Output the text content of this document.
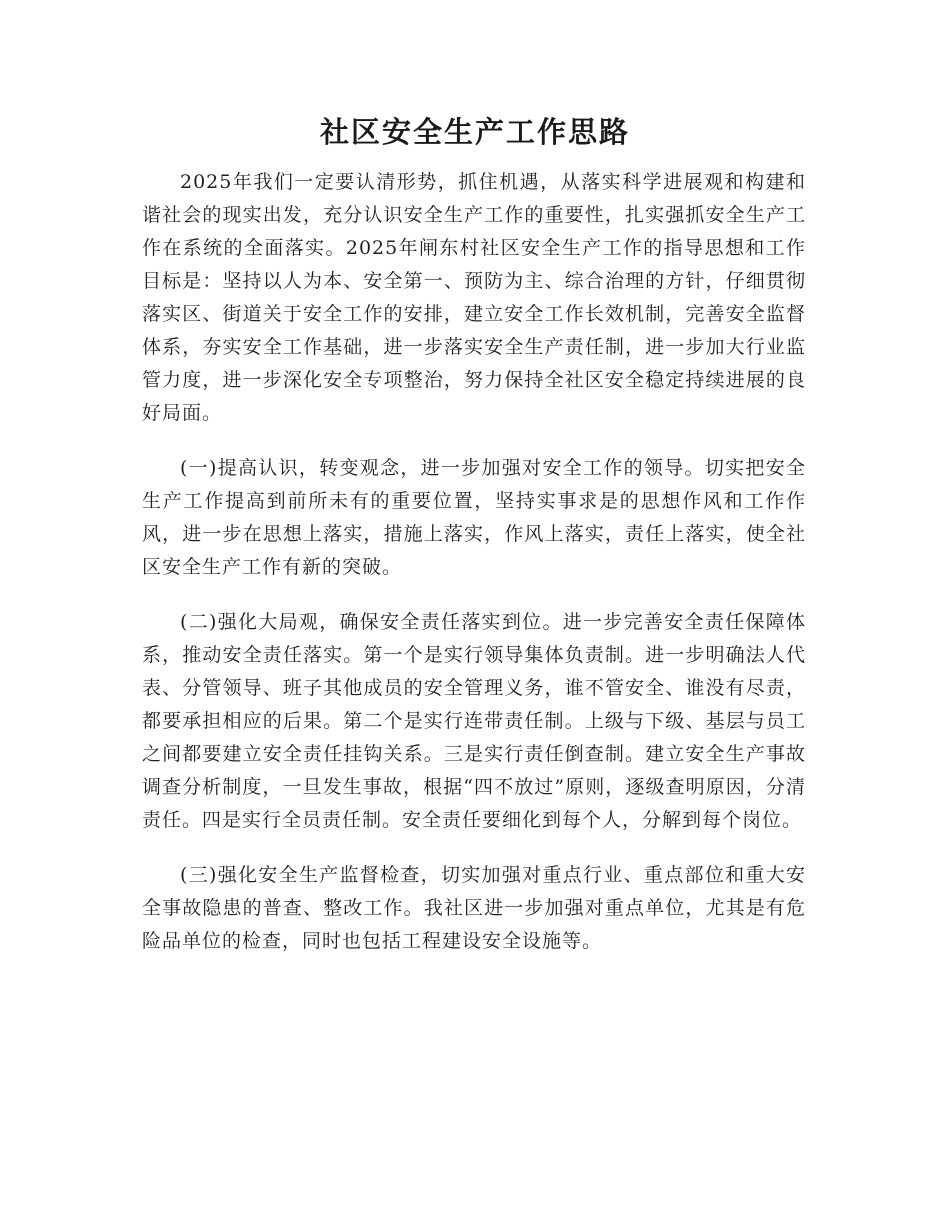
社区安全生产工作思路

2025年我们一定要认清形势，抓住机遇，从落实科学进展观和构建和谐社会的现实出发，充分认识安全生产工作的重要性，扎实强抓安全生产工作在系统的全面落实。2025年闸东村社区安全生产工作的指导思想和工作目标是：坚持以人为本、安全第一、预防为主、综合治理的方针，仔细贯彻落实区、街道关于安全工作的安排，建立安全工作长效机制，完善安全监督体系，夯实安全工作基础，进一步落实安全生产责任制，进一步加大行业监管力度，进一步深化安全专项整治，努力保持全社区安全稳定持续进展的良好局面。

(一)提高认识，转变观念，进一步加强对安全工作的领导。切实把安全生产工作提高到前所未有的重要位置，坚持实事求是的思想作风和工作作风，进一步在思想上落实，措施上落实，作风上落实，责任上落实，使全社区安全生产工作有新的突破。

(二)强化大局观，确保安全责任落实到位。进一步完善安全责任保障体系，推动安全责任落实。第一个是实行领导集体负责制。进一步明确法人代表、分管领导、班子其他成员的安全管理义务，谁不管安全、谁没有尽责，都要承担相应的后果。第二个是实行连带责任制。上级与下级、基层与员工之间都要建立安全责任挂钩关系。三是实行责任倒查制。建立安全生产事故调查分析制度，一旦发生事故，根据“四不放过”原则，逐级查明原因，分清责任。四是实行全员责任制。安全责任要细化到每个人，分解到每个岗位。

(三)强化安全生产监督检查，切实加强对重点行业、重点部位和重大安全事故隐患的普查、整改工作。我社区进一步加强对重点单位，尤其是有危险品单位的检查，同时也包括工程建设安全设施等。
